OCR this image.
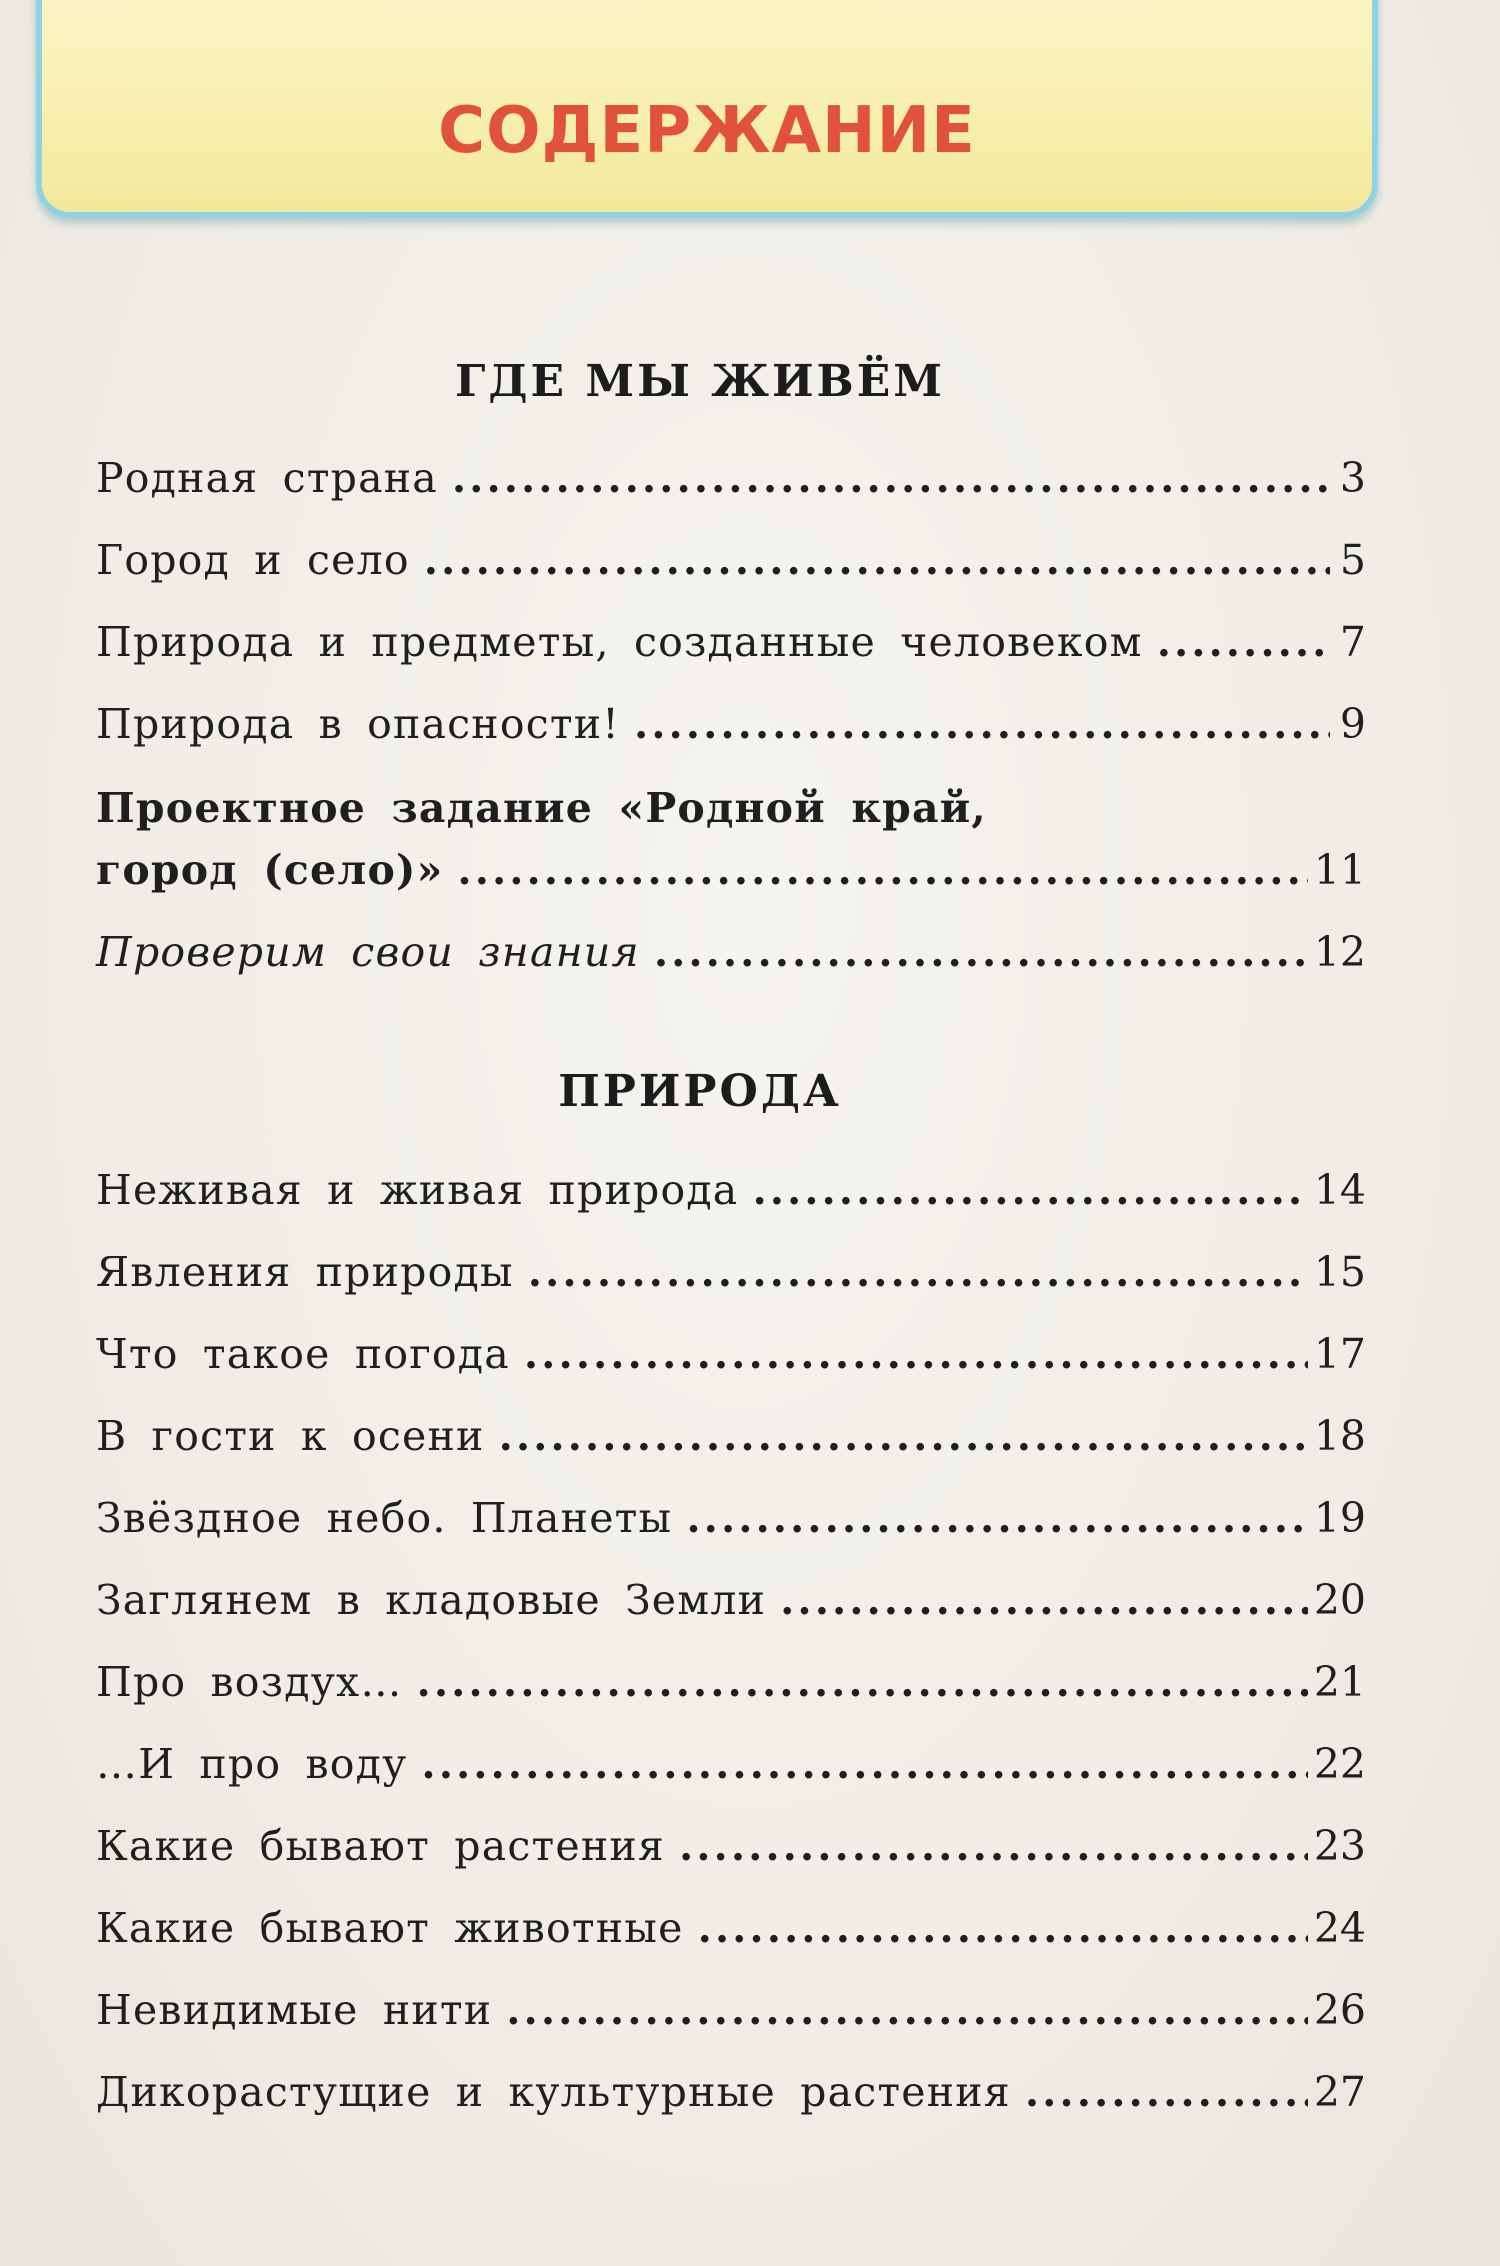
СОДЕРЖАНИЕ
ГДЕ МЫ ЖИВЁМ
Родная страна .....	3
Город и село .....	5
Природа и предметы, созданные человеком .....	7
Природа в опасности! .....	9
Проектное задание «Родной край,
город (село)» .....	11
Проверим свои знания .....	12
ПРИРОДА
Неживая и живая природа .....	14
Явления природы .....	15
Что такое погода .....	17
В гости к осени .....	18
Звёздное небо. Планеты .....	19
Заглянем в кладовые Земли .....	20
Про воздух… .....	21
…И про воду .....	22
Какие бывают растения .....	23
Какие бывают животные .....	24
Невидимые нити .....	26
Дикорастущие и культурные растения .....	27
